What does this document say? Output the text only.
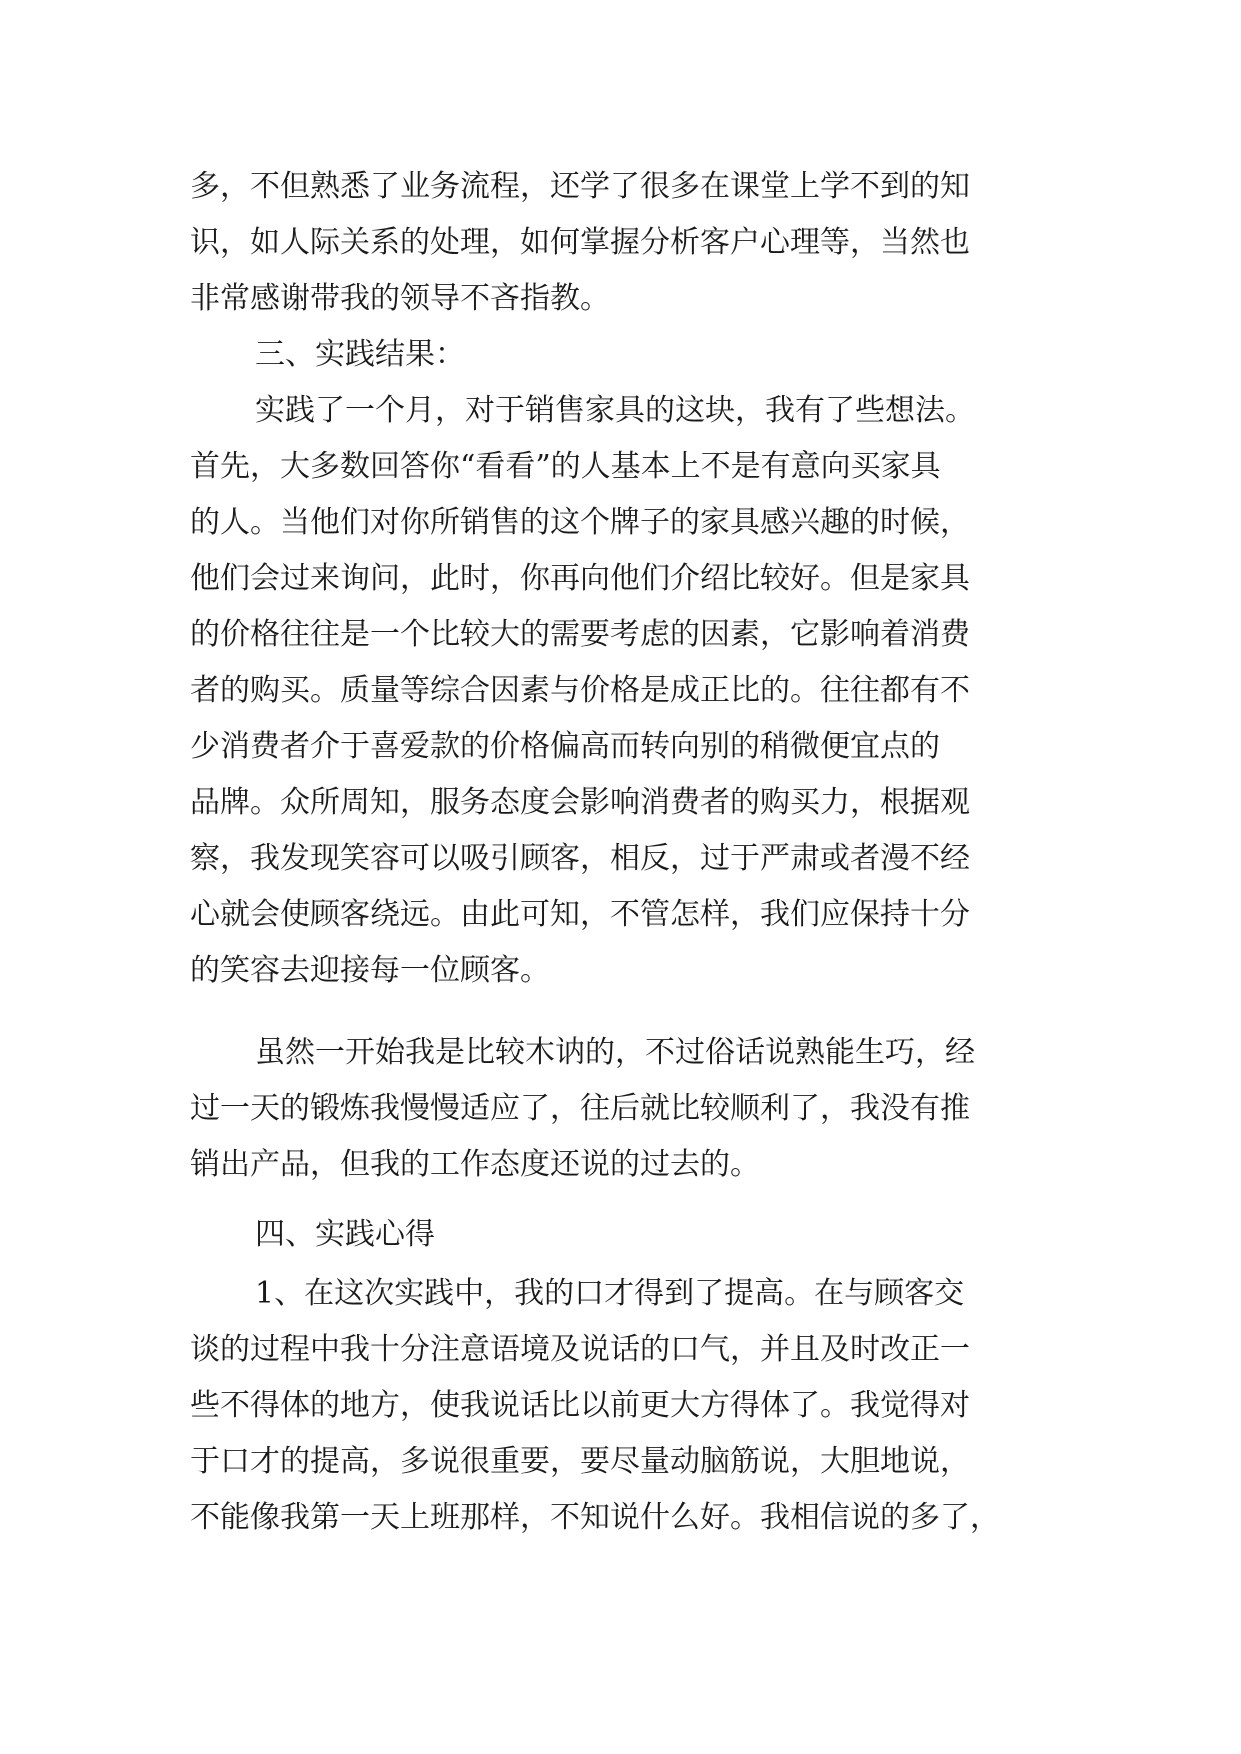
多，不但熟悉了业务流程，还学了很多在课堂上学不到的知
识，如人际关系的处理，如何掌握分析客户心理等，当然也
非常感谢带我的领导不吝指教。
三、实践结果：
实践了一个月，对于销售家具的这块，我有了些想法。
首先，大多数回答你“看看”的人基本上不是有意向买家具
的人。当他们对你所销售的这个牌子的家具感兴趣的时候，
他们会过来询问，此时，你再向他们介绍比较好。但是家具
的价格往往是一个比较大的需要考虑的因素，它影响着消费
者的购买。质量等综合因素与价格是成正比的。往往都有不
少消费者介于喜爱款的价格偏高而转向别的稍微便宜点的
品牌。众所周知，服务态度会影响消费者的购买力，根据观
察，我发现笑容可以吸引顾客，相反，过于严肃或者漫不经
心就会使顾客绕远。由此可知，不管怎样，我们应保持十分
的笑容去迎接每一位顾客。
虽然一开始我是比较木讷的，不过俗话说熟能生巧，经
过一天的锻炼我慢慢适应了，往后就比较顺利了，我没有推
销出产品，但我的工作态度还说的过去的。
四、实践心得
1、在这次实践中，我的口才得到了提高。在与顾客交
谈的过程中我十分注意语境及说话的口气，并且及时改正一
些不得体的地方，使我说话比以前更大方得体了。我觉得对
于口才的提高，多说很重要，要尽量动脑筋说，大胆地说，
不能像我第一天上班那样，不知说什么好。我相信说的多了，
